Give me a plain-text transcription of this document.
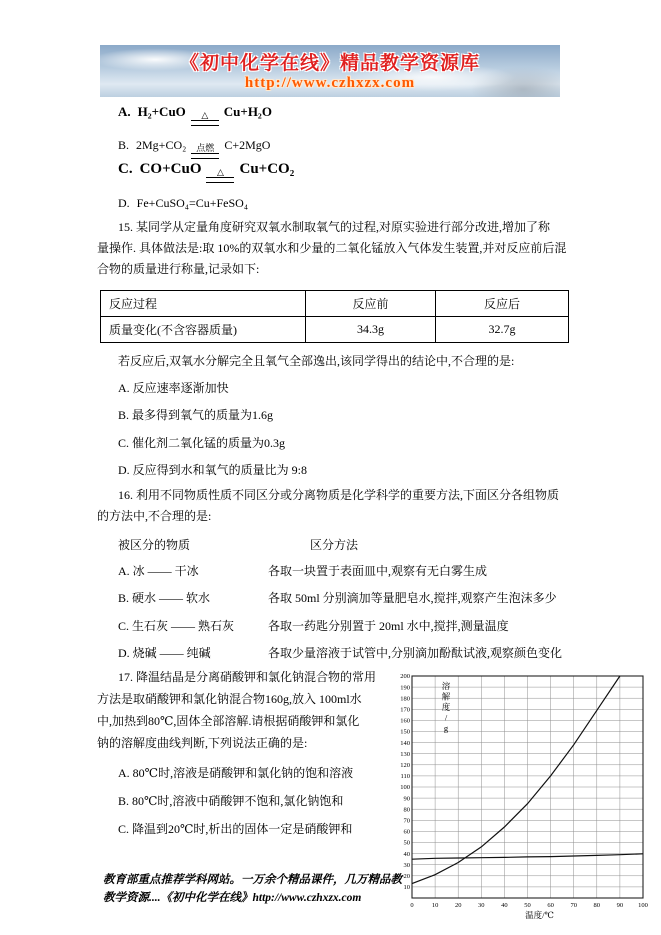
《初中化学在线》精品教学资源库
http://www.czhxzx.com
A. H₂+CuO △ Cu+H₂O
B. 2Mg+CO₂ 点燃 C+2MgO
C. CO+CuO △ Cu+CO₂
D. Fe+CuSO₄=Cu+FeSO₄
15. 某同学从定量角度研究双氧水制取氧气的过程,对原实验进行部分改进,增加了称
量操作. 具体做法是:取 10%的双氧水和少量的二氧化锰放入气体发生装置,并对反应前后混
合物的质量进行称量,记录如下:
反应过程	反应前	反应后
质量变化(不含容器质量)	34.3g	32.7g
若反应后,双氧水分解完全且氧气全部逸出,该同学得出的结论中,不合理的是:
A. 反应速率逐渐加快
B. 最多得到氧气的质量为1.6g
C. 催化剂二氧化锰的质量为0.3g
D. 反应得到水和氧气的质量比为 9:8
16. 利用不同物质性质不同区分或分离物质是化学科学的重要方法,下面区分各组物质
的方法中,不合理的是:
被区分的物质	区分方法
A. 冰 —— 干冰	各取一块置于表面皿中,观察有无白雾生成
B. 硬水 —— 软水	各取 50ml 分别滴加等量肥皂水,搅拌,观察产生泡沫多少
C. 生石灰 —— 熟石灰	各取一药匙分别置于 20ml 水中,搅拌,测量温度
D. 烧碱 —— 纯碱	各取少量溶液于试管中,分别滴加酚酞试液,观察颜色变化
17. 降温结晶是分离硝酸钾和氯化钠混合物的常用
方法是取硝酸钾和氯化钠混合物160g,放入 100ml水
中,加热到80℃,固体全部溶解.请根据硝酸钾和氯化
钠的溶解度曲线判断,下列说法正确的是:
A. 80℃时,溶液是硝酸钾和氯化钠的饱和溶液
B. 80℃时,溶液中硝酸钾不饱和,氯化钠饱和
C. 降温到20℃时,析出的固体一定是硝酸钾和
0	10	20	30	40	50	60	70	80	90 100
10
20
30
40
50
60
70
80
90
100
110
120
130
140
150
160
170
180
190
200
溶
解
度
/
g
温度/℃
教育部重点推荐学科网站。一万余个精品课件，几万精品教
教学资源....《初中化学在线》http://www.czhxzx.com
